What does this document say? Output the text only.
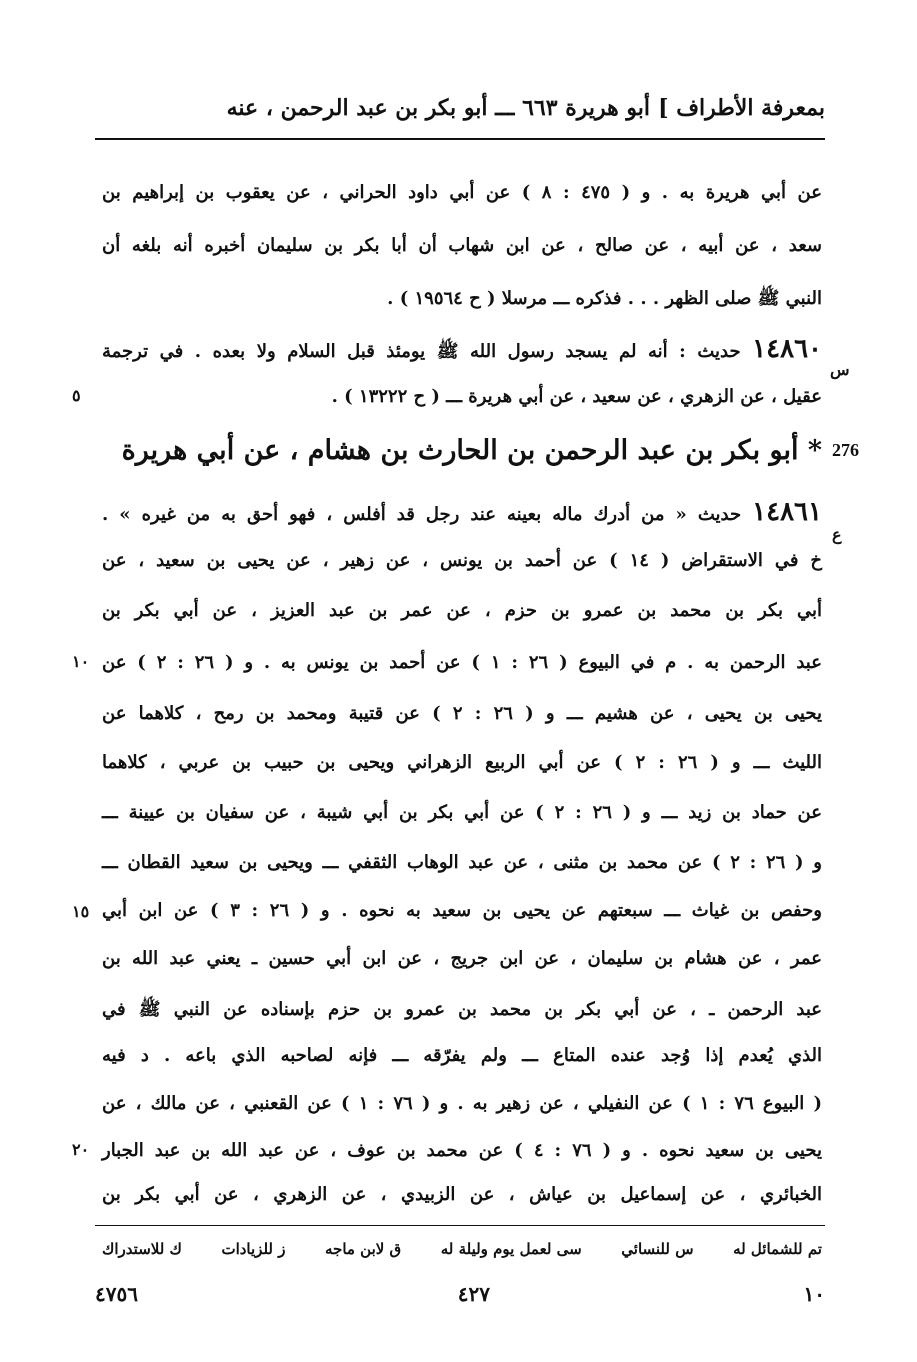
بمعرفة الأطراف ]
أبو هريرة ٦٦٣ ـــ أبو بكر بن عبد الرحمن ، عنه
عن أبي هريرة به . و ( ٤٧٥ : ٨ ) عن أبي داود الحراني ، عن يعقوب بن إبراهيم بن
سعد ، عن أبيه ، عن صالح ، عن ابن شهاب أن أبا بكر بن سليمان أخبره أنه بلغه أن
النبي ﷺ صلى الظهر . . . فذكره ـــ مرسلا ( ح ١٩٥٦٤ ) .
١٤٨٦٠ حديث : أنه لم يسجد رسول الله ﷺ يومئذ قبل السلام ولا بعده . في ترجمة
عقيل ، عن الزهري ، عن سعيد ، عن أبي هريرة ـــ ( ح ١٣٢٢٢ ) .
* أبو بكر بن عبد الرحمن بن الحارث بن هشام ، عن أبي هريرة
١٤٨٦١ حديث « من أدرك ماله بعينه عند رجل قد أفلس ، فهو أحق به من غيره » .
خ في الاستقراض ( ١٤ ) عن أحمد بن يونس ، عن زهير ، عن يحيى بن سعيد ، عن
أبي بكر بن محمد بن عمرو بن حزم ، عن عمر بن عبد العزيز ، عن أبي بكر بن
عبد الرحمن به . م في البيوع ( ٢٦ : ١ ) عن أحمد بن يونس به . و ( ٢٦ : ٢ ) عن
يحيى بن يحيى ، عن هشيم ـــ و ( ٢٦ : ٢ ) عن قتيبة ومحمد بن رمح ، كلاهما عن
الليث ـــ و ( ٢٦ : ٢ ) عن أبي الربيع الزهراني ويحيى بن حبيب بن عربي ، كلاهما
عن حماد بن زيد ـــ و ( ٢٦ : ٢ ) عن أبي بكر بن أبي شيبة ، عن سفيان بن عيينة ـــ
و ( ٢٦ : ٢ ) عن محمد بن مثنى ، عن عبد الوهاب الثقفي ـــ ويحيى بن سعيد القطان ـــ
وحفص بن غياث ـــ سبعتهم عن يحيى بن سعيد به نحوه . و ( ٢٦ : ٣ ) عن ابن أبي
عمر ، عن هشام بن سليمان ، عن ابن جريج ، عن ابن أبي حسين ـ يعني عبد الله بن
عبد الرحمن ـ ، عن أبي بكر بن محمد بن عمرو بن حزم بإسناده عن النبي ﷺ في
الذي يُعدم إذا وُجد عنده المتاع ـــ ولم يفرّقه ـــ فإنه لصاحبه الذي باعه . د فيه
( البيوع ٧٦ : ١ ) عن النفيلي ، عن زهير به . و ( ٧٦ : ١ ) عن القعنبي ، عن مالك ، عن
يحيى بن سعيد نحوه . و ( ٧٦ : ٤ ) عن محمد بن عوف ، عن عبد الله بن عبد الجبار
الخبائري ، عن إسماعيل بن عياش ، عن الزبيدي ، عن الزهري ، عن أبي بكر بن
س
٥
276
ع
١٠
١٥
٢٠
تم للشمائل له
س للنسائي
سى لعمل يوم وليلة له
ق لابن ماجه
ز للزيادات
ك للاستدراك
١٠
٤٢٧
٤٧٥٦
